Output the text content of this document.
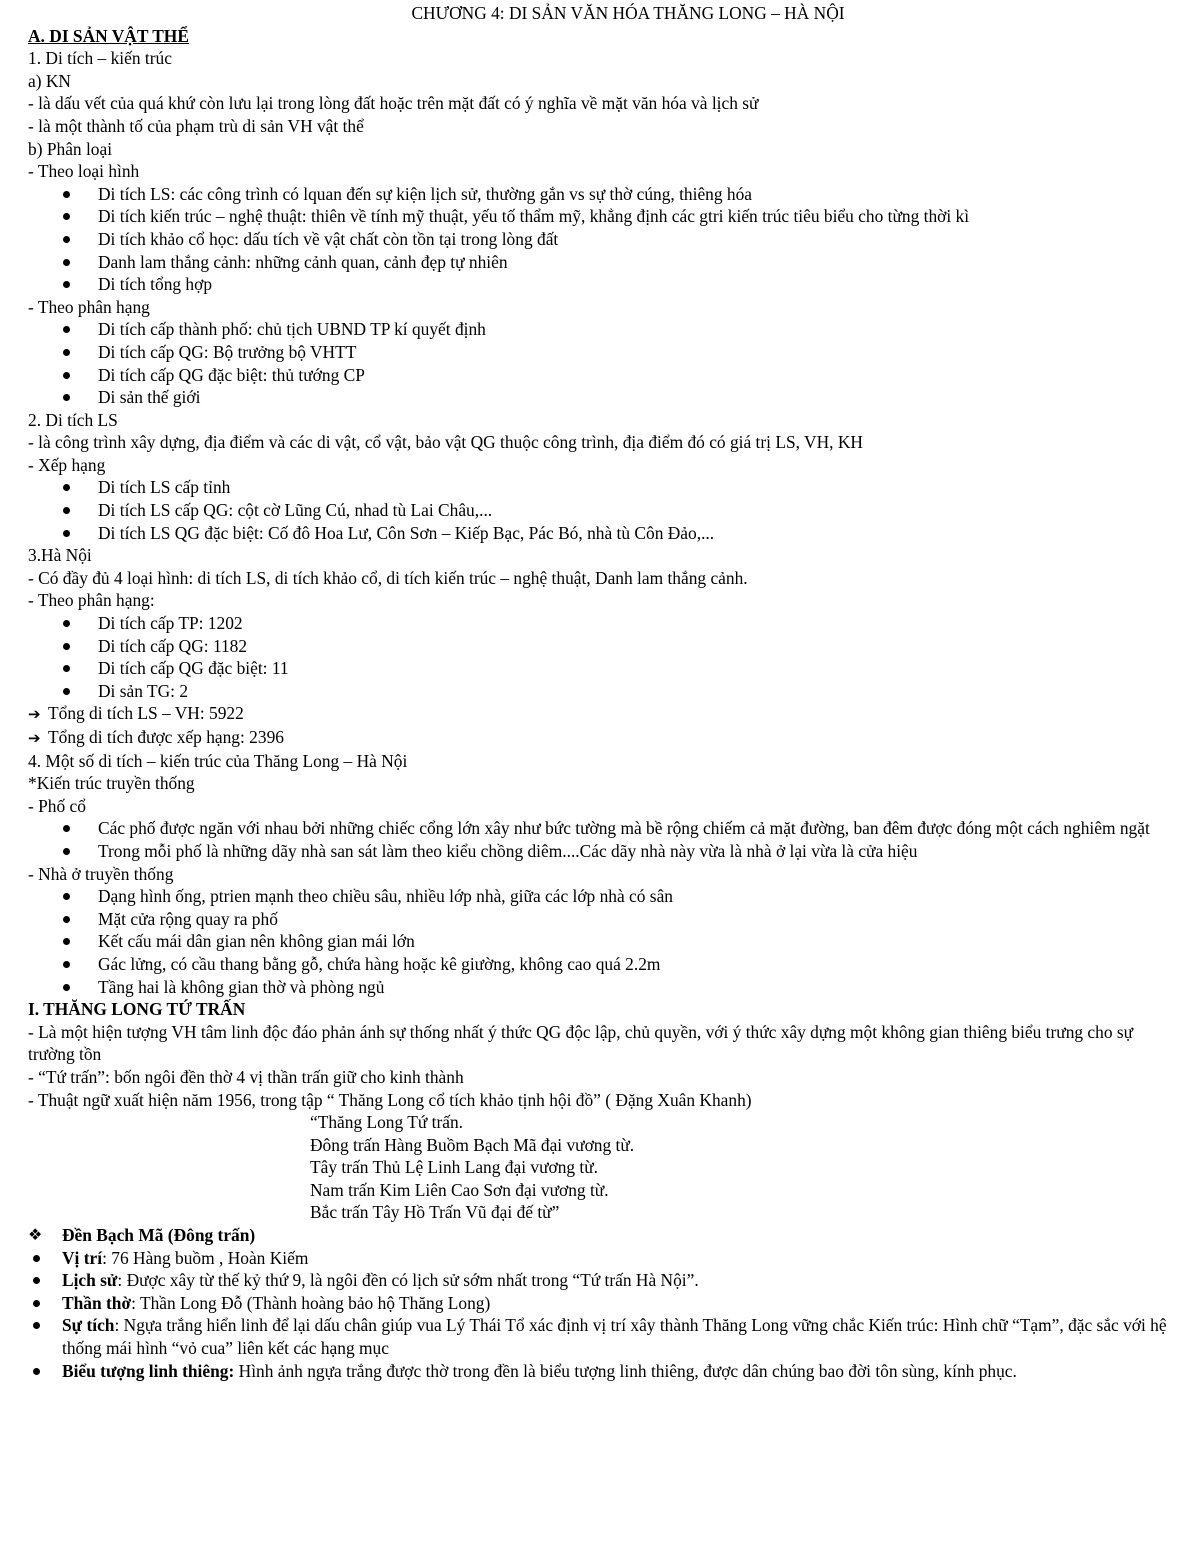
CHƯƠNG 4: DI SẢN VĂN HÓA THĂNG LONG – HÀ NỘI
A. DI SẢN VẬT THỂ
1. Di tích – kiến trúc
a) KN
- là dấu vết của quá khứ còn lưu lại trong lòng đất hoặc trên mặt đất có ý nghĩa về mặt văn hóa và lịch sử
- là một thành tố của phạm trù di sản VH vật thể
b) Phân loại
- Theo loại hình
Di tích LS: các công trình có lquan đến sự kiện lịch sử, thường gắn vs sự thờ cúng, thiêng hóa
Di tích kiến trúc – nghệ thuật: thiên về tính mỹ thuật, yếu tố thẩm mỹ, khẳng định các gtri kiến trúc tiêu biểu cho từng thời kì
Di tích khảo cổ học: dấu tích về vật chất còn tồn tại trong lòng đất
Danh lam thắng cảnh: những cảnh quan, cảnh đẹp tự nhiên
Di tích tổng hợp
- Theo phân hạng
Di tích cấp thành phố: chủ tịch UBND TP kí quyết định
Di tích cấp QG: Bộ trưởng bộ VHTT
Di tích cấp QG đặc biệt: thủ tướng CP
Di sản thế giới
2. Di tích LS
- là công trình xây dựng, địa điểm và các di vật, cổ vật, bảo vật QG thuộc công trình, địa điểm đó có giá trị LS, VH, KH
- Xếp hạng
Di tích LS cấp tỉnh
Di tích LS cấp QG: cột cờ Lũng Cú, nhad tù Lai Châu,...
Di tích LS QG đặc biệt: Cố đô Hoa Lư, Côn Sơn – Kiếp Bạc, Pác Bó, nhà tù Côn Đảo,...
3.Hà Nội
- Có đầy đủ 4 loại hình: di tích LS, di tích khảo cổ, di tích kiến trúc – nghệ thuật, Danh lam thắng cảnh.
- Theo phân hạng:
Di tích cấp TP: 1202
Di tích cấp QG: 1182
Di tích cấp QG đặc biệt: 11
Di sản TG: 2
➔ Tổng di tích LS – VH: 5922
➔ Tổng di tích được xếp hạng: 2396
4. Một số di tích – kiến trúc của Thăng Long – Hà Nội
*Kiến trúc truyền thống
- Phố cổ
Các phố được ngăn với nhau bởi những chiếc cổng lớn xây như bức tường mà bề rộng chiếm cả mặt đường, ban đêm được đóng một cách nghiêm ngặt
Trong mỗi phố là những dãy nhà san sát làm theo kiểu chồng diêm....Các dãy nhà này vừa là nhà ở lại vừa là cửa hiệu
- Nhà ở truyền thống
Dạng hình ống, ptrien mạnh theo chiều sâu, nhiều lớp nhà, giữa các lớp nhà có sân
Mặt cửa rộng quay ra phố
Kết cấu mái dân gian nên không gian mái lớn
Gác lửng, có cầu thang bằng gỗ, chứa hàng hoặc kê giường, không cao quá 2.2m
Tầng hai là không gian thờ và phòng ngủ
I. THĂNG LONG TỨ TRẤN
- Là một hiện tượng VH tâm linh độc đáo phản ánh sự thống nhất ý thức QG độc lập, chủ quyền, với ý thức xây dựng một không gian thiêng biểu trưng cho sự trường tồn
- “Tứ trấn”: bốn ngôi đền thờ 4 vị thần trấn giữ cho kinh thành
- Thuật ngữ xuất hiện năm 1956, trong tập “ Thăng Long cổ tích khảo tịnh hội đồ” ( Đặng Xuân Khanh)
“Thăng Long Tứ trấn.
Đông trấn Hàng Buồm Bạch Mã đại vương từ.
Tây trấn Thủ Lệ Linh Lang đại vương từ.
Nam trấn Kim Liên Cao Sơn đại vương từ.
Bắc trấn Tây Hồ Trấn Vũ đại đế từ”
❖ Đền Bạch Mã (Đông trấn)
Vị trí: 76 Hàng buồm , Hoàn Kiếm
Lịch sử: Được xây từ thế kỷ thứ 9, là ngôi đền có lịch sử sớm nhất trong “Tứ trấn Hà Nội”.
Thần thờ: Thần Long Đỗ (Thành hoàng bảo hộ Thăng Long)
Sự tích: Ngựa trắng hiển linh để lại dấu chân giúp vua Lý Thái Tổ xác định vị trí xây thành Thăng Long vững chắc Kiến trúc: Hình chữ “Tạm”, đặc sắc với hệ thống mái hình “vỏ cua” liên kết các hạng mục
Biểu tượng linh thiêng: Hình ảnh ngựa trắng được thờ trong đền là biểu tượng linh thiêng, được dân chúng bao đời tôn sùng, kính phục.
